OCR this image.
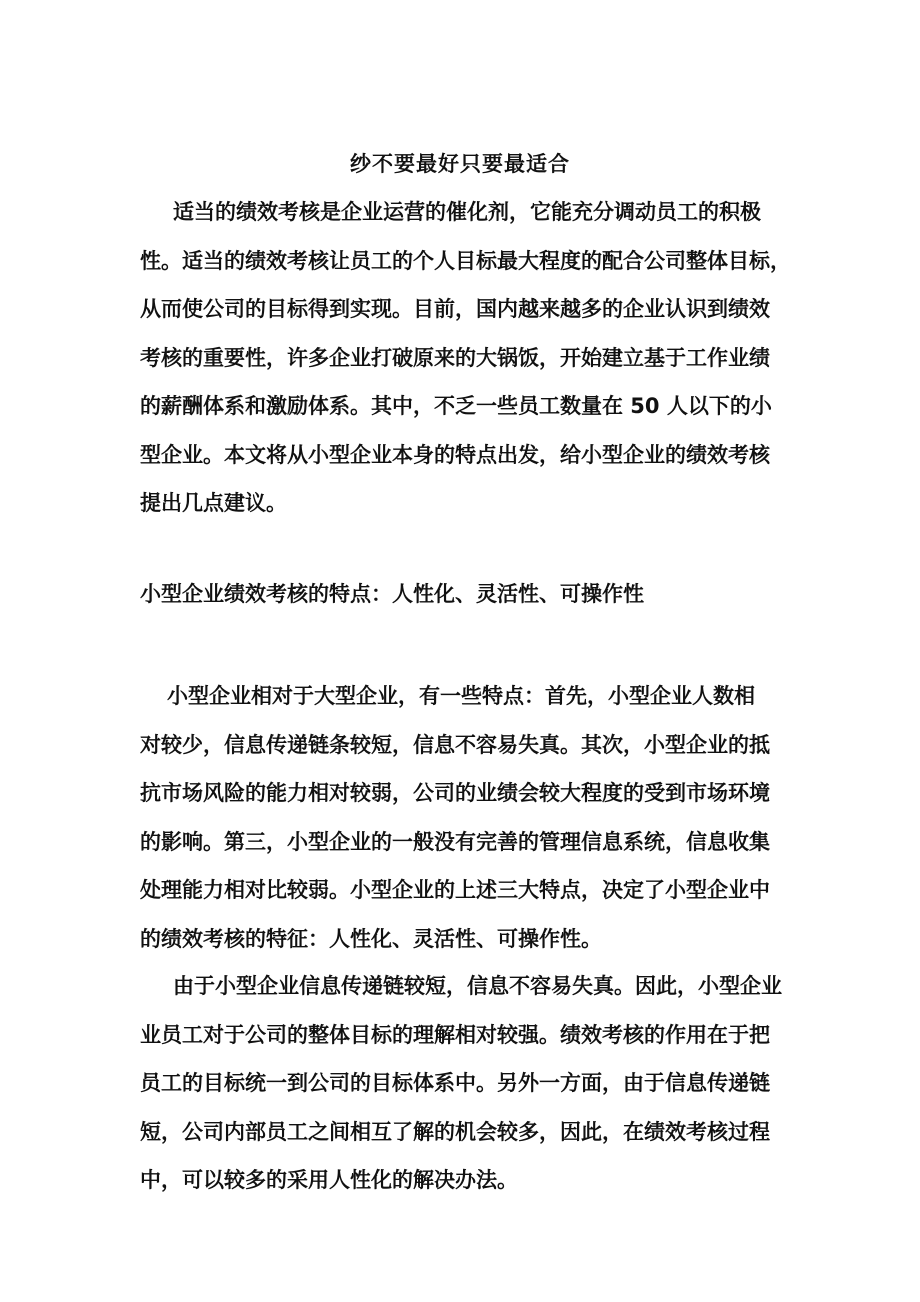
纱不要最好只要最适合

适当的绩效考核是企业运营的催化剂，它能充分调动员工的积极
性。适当的绩效考核让员工的个人目标最大程度的配合公司整体目标，
从而使公司的目标得到实现。目前，国内越来越多的企业认识到绩效
考核的重要性，许多企业打破原来的大锅饭，开始建立基于工作业绩
的薪酬体系和激励体系。其中，不乏一些员工数量在 50 人以下的小
型企业。本文将从小型企业本身的特点出发，给小型企业的绩效考核
提出几点建议。

小型企业绩效考核的特点：人性化、灵活性、可操作性

小型企业相对于大型企业，有一些特点：首先，小型企业人数相
对较少，信息传递链条较短，信息不容易失真。其次，小型企业的抵
抗市场风险的能力相对较弱，公司的业绩会较大程度的受到市场环境
的影响。第三，小型企业的一般没有完善的管理信息系统，信息收集
处理能力相对比较弱。小型企业的上述三大特点，决定了小型企业中
的绩效考核的特征：人性化、灵活性、可操作性。

由于小型企业信息传递链较短，信息不容易失真。因此，小型企业
业员工对于公司的整体目标的理解相对较强。绩效考核的作用在于把
员工的目标统一到公司的目标体系中。另外一方面，由于信息传递链
短，公司内部员工之间相互了解的机会较多，因此，在绩效考核过程
中，可以较多的采用人性化的解决办法。
